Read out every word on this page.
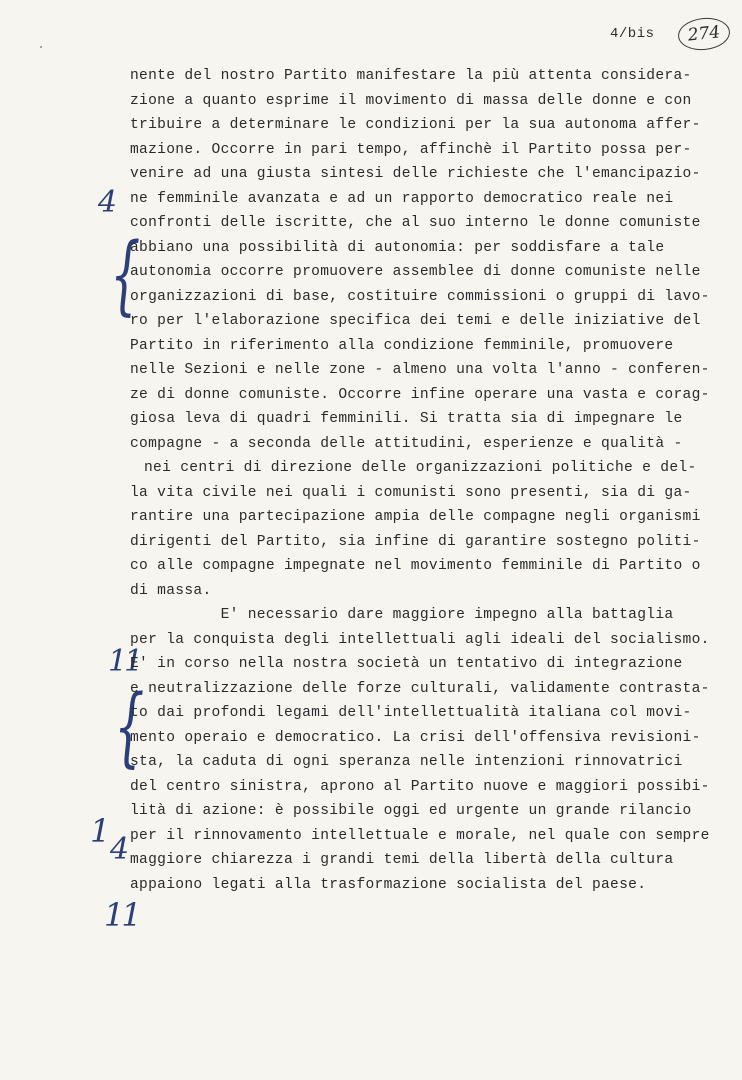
4/bis 274
4
{
11
{
1 4
11
nente del nostro Partito manifestare la più attenta considera-
zione a quanto esprime il movimento di massa delle donne e con
tribuire a determinare le condizioni per la sua autonoma affer-
mazione. Occorre in pari tempo, affinchè il Partito possa per-
venire ad una giusta sintesi delle richieste che l'emancipazio-
ne femminile avanzata e ad un rapporto democratico reale nei
confronti delle iscritte, che al suo interno le donne comuniste
abbiano una possibilità di autonomia: per soddisfare a tale
autonomia occorre promuovere assemblee di donne comuniste nelle
organizzazioni di base, costituire commissioni o gruppi di lavo-
ro per l'elaborazione specifica dei temi e delle iniziative del
Partito in riferimento alla condizione femminile, promuovere
nelle Sezioni e nelle zone - almeno una volta l'anno - conferen-
ze di donne comuniste. Occorre infine operare una vasta e corag-
giosa leva di quadri femminili. Si tratta sia di impegnare le
compagne - a seconda delle attitudini, esperienze e qualità -
nei centri di direzione delle organizzazioni politiche e del-
la vita civile nei quali i comunisti sono presenti, sia di ga-
rantire una partecipazione ampia delle compagne negli organismi
dirigenti del Partito, sia infine di garantire sostegno politi-
co alle compagne impegnate nel movimento femminile di Partito o
di massa.
E' necessario dare maggiore impegno alla battaglia
per la conquista degli intellettuali agli ideali del socialismo.
E' in corso nella nostra società un tentativo di integrazione
e neutralizzazione delle forze culturali, validamente contrasta-
to dai profondi legami dell'intellettualità italiana col movi-
mento operaio e democratico. La crisi dell'offensiva revisioni-
sta, la caduta di ogni speranza nelle intenzioni rinnovatrici
del centro sinistra, aprono al Partito nuove e maggiori possibi-
lità di azione: è possibile oggi ed urgente un grande rilancio
per il rinnovamento intellettuale e morale, nel quale con sempre
maggiore chiarezza i grandi temi della libertà della cultura
appaiono legati alla trasformazione socialista del paese.
